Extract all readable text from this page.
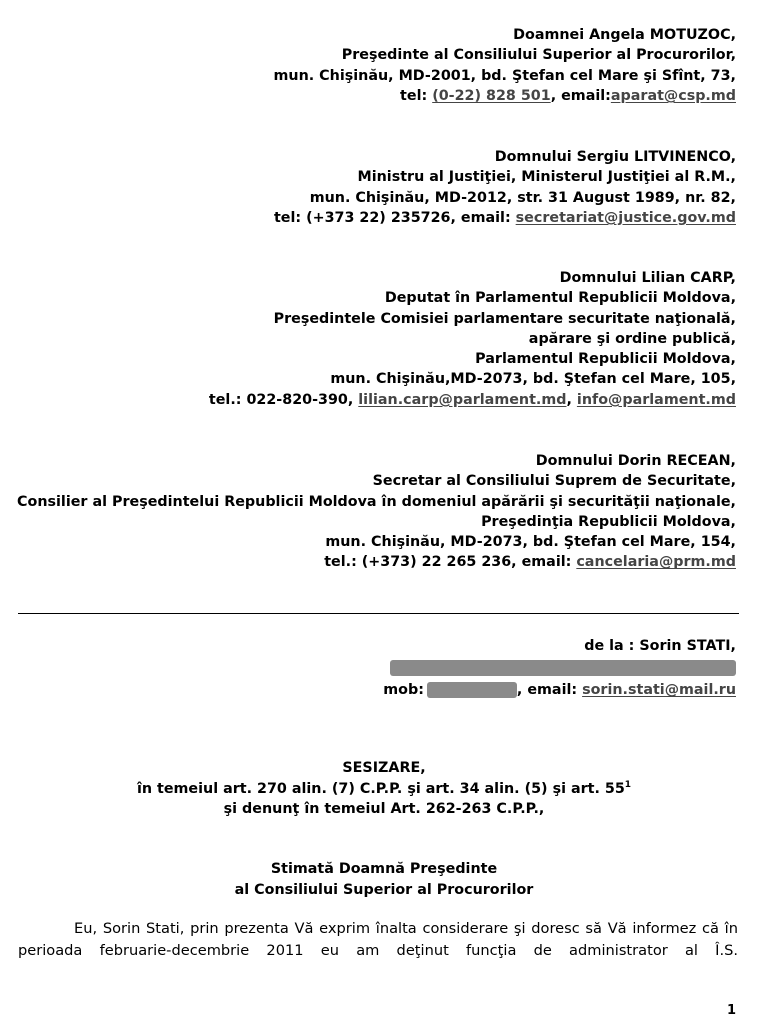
Doamnei Angela MOTUZOC,
Preşedinte al Consiliului Superior al Procurorilor,
mun. Chişinău, MD-2001, bd. Ştefan cel Mare şi Sfînt, 73,
tel: (0-22) 828 501, email:aparat@csp.md
Domnului Sergiu LITVINENCO,
Ministru al Justiţiei, Ministerul Justiţiei al R.M.,
mun. Chişinău, MD-2012, str. 31 August 1989, nr. 82,
tel: (+373 22) 235726, email: secretariat@justice.gov.md
Domnului Lilian CARP,
Deputat în Parlamentul Republicii Moldova,
Preşedintele Comisiei parlamentare securitate naţională,
apărare şi ordine publică,
Parlamentul Republicii Moldova,
mun. Chişinău,MD-2073, bd. Ştefan cel Mare, 105,
tel.: 022-820-390, lilian.carp@parlament.md, info@parlament.md
Domnului Dorin RECEAN,
Secretar al Consiliului Suprem de Securitate,
Consilier al Preşedintelui Republicii Moldova în domeniul apărării şi securităţii naţionale,
Preşedinţia Republicii Moldova,
mun. Chişinău, MD-2073, bd. Ştefan cel Mare, 154,
tel.: (+373) 22 265 236, email: cancelaria@prm.md
de la : Sorin STATI,
mob:	, email: sorin.stati@mail.ru
SESIZARE,
în temeiul art. 270 alin. (7) C.P.P. şi art. 34 alin. (5) şi art. $55^1$
şi denunţ în temeiul Art. 262-263 C.P.P.,
Stimată Doamnă Preşedinte
al Consiliului Superior al Procurorilor

Eu, Sorin Stati, prin prezenta Vă exprim înalta considerare şi doresc să Vă informez că în perioada februarie-decembrie 2011 eu am deţinut funcţia de administrator al Î.S.

1
